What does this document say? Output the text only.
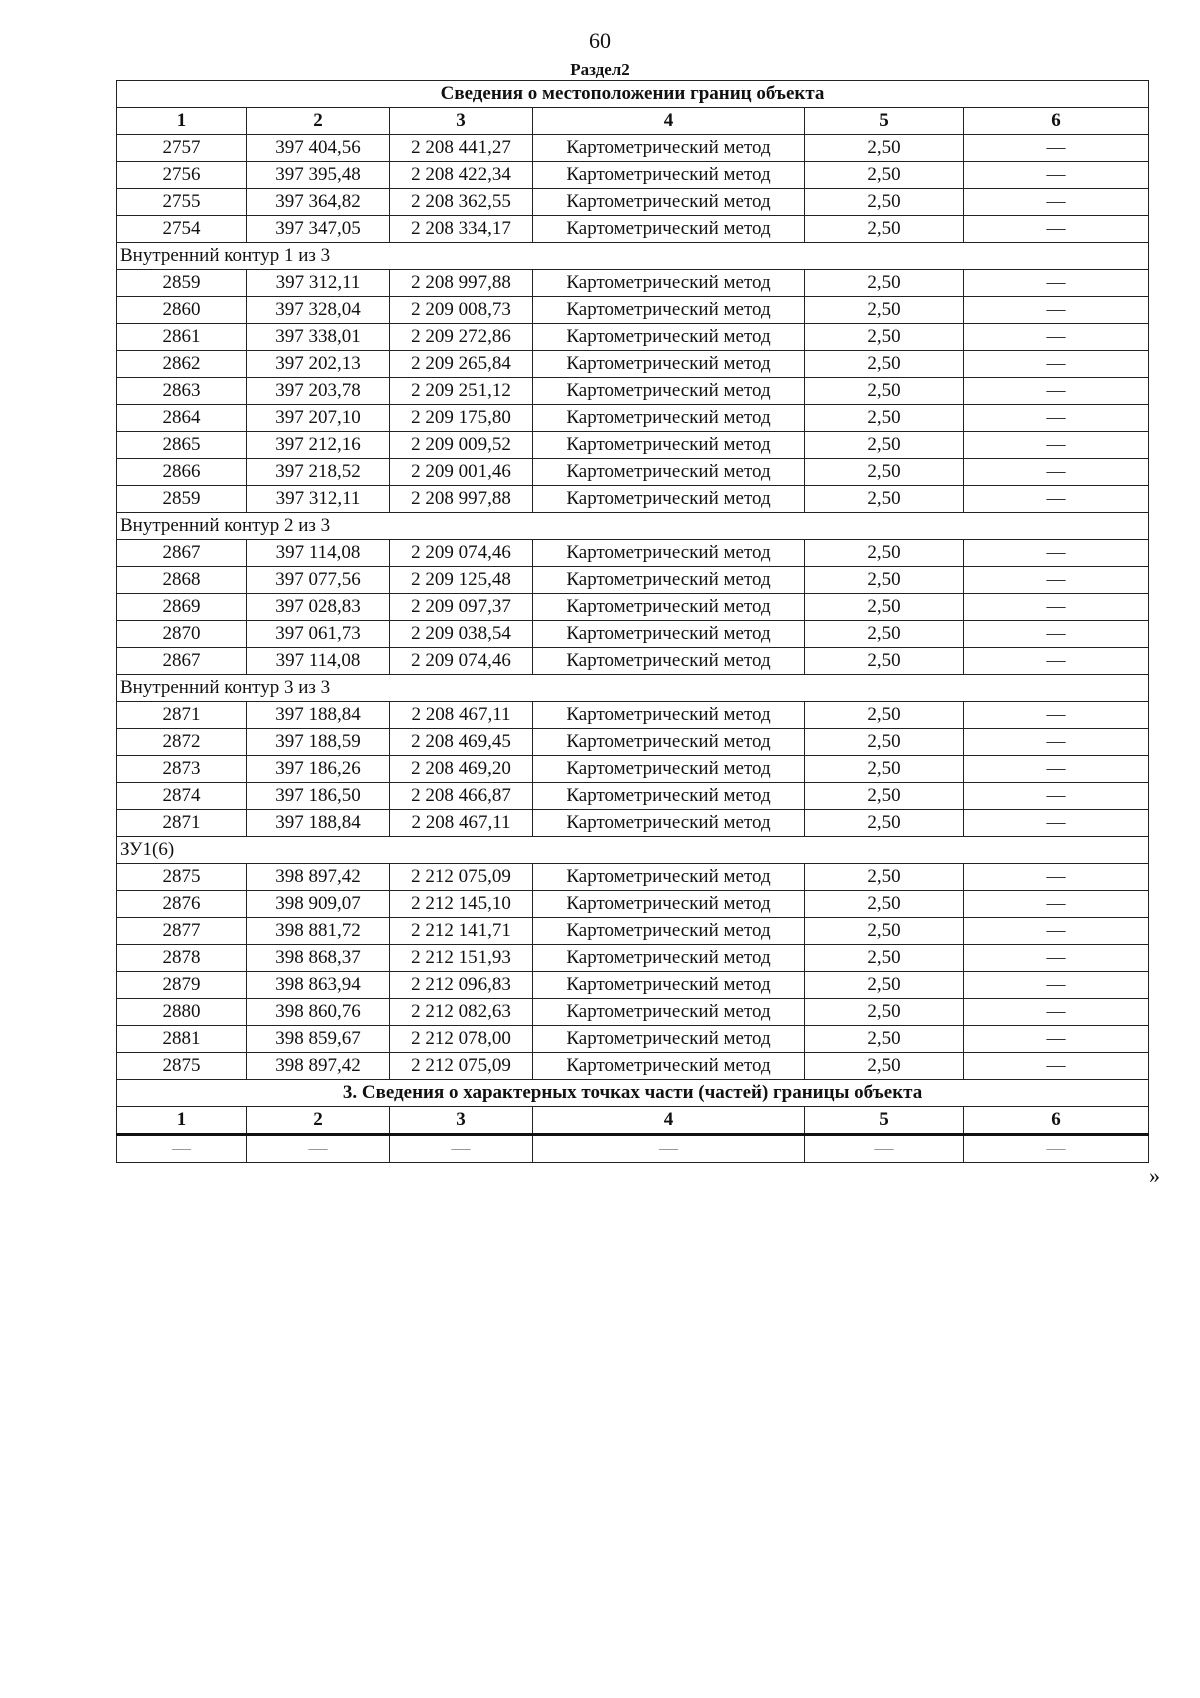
60
Раздел2
Сведения о местоположении границ объекта					
1	2	3	4	5	6
2757	397 404,56	2 208 441,27	Картометрический метод	2,50	—
2756	397 395,48	2 208 422,34	Картометрический метод	2,50	—
2755	397 364,82	2 208 362,55	Картометрический метод	2,50	—
2754	397 347,05	2 208 334,17	Картометрический метод	2,50	—
Внутренний контур 1 из 3					
2859	397 312,11	2 208 997,88	Картометрический метод	2,50	—
2860	397 328,04	2 209 008,73	Картометрический метод	2,50	—
2861	397 338,01	2 209 272,86	Картометрический метод	2,50	—
2862	397 202,13	2 209 265,84	Картометрический метод	2,50	—
2863	397 203,78	2 209 251,12	Картометрический метод	2,50	—
2864	397 207,10	2 209 175,80	Картометрический метод	2,50	—
2865	397 212,16	2 209 009,52	Картометрический метод	2,50	—
2866	397 218,52	2 209 001,46	Картометрический метод	2,50	—
2859	397 312,11	2 208 997,88	Картометрический метод	2,50	—
Внутренний контур 2 из 3					
2867	397 114,08	2 209 074,46	Картометрический метод	2,50	—
2868	397 077,56	2 209 125,48	Картометрический метод	2,50	—
2869	397 028,83	2 209 097,37	Картометрический метод	2,50	—
2870	397 061,73	2 209 038,54	Картометрический метод	2,50	—
2867	397 114,08	2 209 074,46	Картометрический метод	2,50	—
Внутренний контур 3 из 3					
2871	397 188,84	2 208 467,11	Картометрический метод	2,50	—
2872	397 188,59	2 208 469,45	Картометрический метод	2,50	—
2873	397 186,26	2 208 469,20	Картометрический метод	2,50	—
2874	397 186,50	2 208 466,87	Картометрический метод	2,50	—
2871	397 188,84	2 208 467,11	Картометрический метод	2,50	—
ЗУ1(6)					
2875	398 897,42	2 212 075,09	Картометрический метод	2,50	—
2876	398 909,07	2 212 145,10	Картометрический метод	2,50	—
2877	398 881,72	2 212 141,71	Картометрический метод	2,50	—
2878	398 868,37	2 212 151,93	Картометрический метод	2,50	—
2879	398 863,94	2 212 096,83	Картометрический метод	2,50	—
2880	398 860,76	2 212 082,63	Картометрический метод	2,50	—
2881	398 859,67	2 212 078,00	Картометрический метод	2,50	—
2875	398 897,42	2 212 075,09	Картометрический метод	2,50	—
3. Сведения о характерных точках части (частей) границы объекта					
1	2	3	4	5	6
—	—	—	—	—	—
»
